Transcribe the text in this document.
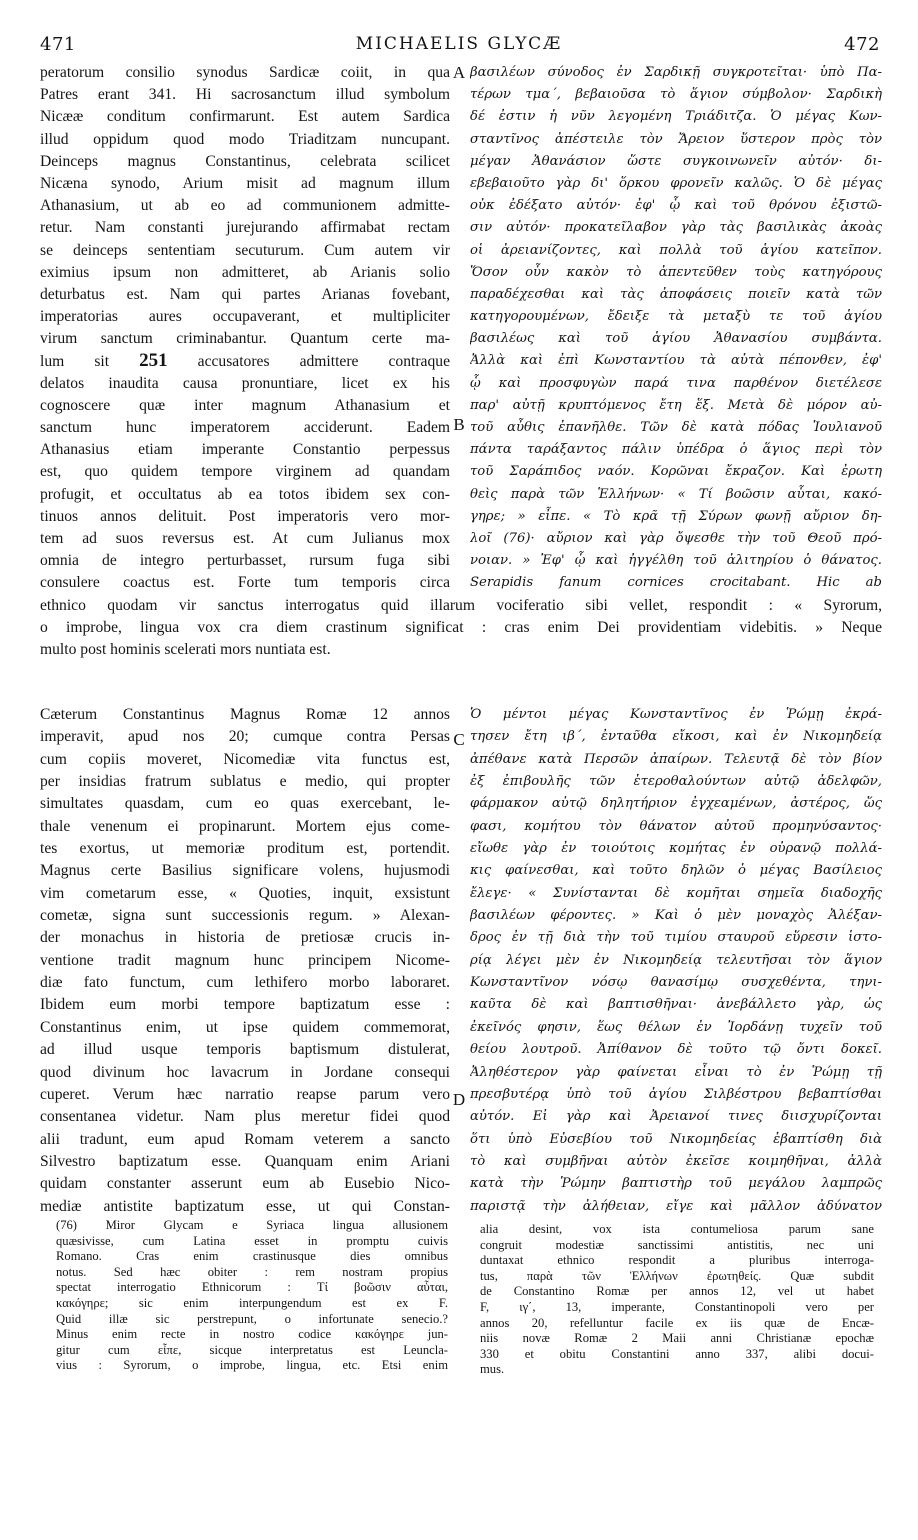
471	MICHAELIS GLYCÆ	472
peratorum consilio synodus Sardicæ coiit, in qua
Patres erant 341. Hi sacrosanctum illud symbolum
Nicææ conditum confirmarunt. Est autem Sardica
illud oppidum quod modo Triaditzam nuncupant.
Deinceps magnus Constantinus, celebrata scilicet
Nicæna synodo, Arium misit ad magnum illum
Athanasium, ut ab eo ad communionem admitte-
retur. Nam constanti jurejurando affirmabat rectam
se deinceps sententiam secuturum. Cum autem vir
eximius ipsum non admitteret, ab Arianis solio
deturbatus est. Nam qui partes Arianas fovebant,
imperatorias aures occupaverant, et multipliciter
virum sanctum criminabantur. Quantum certe ma-
lum sit 251 accusatores admittere contraque
delatos inaudita causa pronuntiare, licet ex his
cognoscere quæ inter magnum Athanasium et
sanctum hunc imperatorem acciderunt. Eadem
Athanasius etiam imperante Constantio perpessus
est, quo quidem tempore virginem ad quandam
profugit, et occultatus ab ea totos ibidem sex con-
tinuos annos delituit. Post imperatoris vero mor-
tem ad suos reversus est. At cum Julianus mox
omnia de integro perturbasset, rursum fuga sibi
consulere coactus est. Forte tum temporis circa
βασιλέων σύνοδος ἐν Σαρδικῇ συγκροτεῖται· ὑπὸ Πα-
τέρων τμα΄, βεβαιοῦσα τὸ ἅγιον σύμβολον· Σαρδικὴ
δέ ἐστιν ἡ νῦν λεγομένη Τριάδιτζα. Ὁ μέγας Κων-
σταντῖνος ἀπέστειλε τὸν Ἄρειον ὕστερον πρὸς τὸν
μέγαν Ἀθανάσιον ὥστε συγκοινωνεῖν αὐτόν· δι-
εβεβαιοῦτο γὰρ δι' ὅρκου φρονεῖν καλῶς. Ὁ δὲ μέγας
οὐκ ἐδέξατο αὐτόν· ἐφ' ᾧ καὶ τοῦ θρόνου ἐξιστῶ-
σιν αὐτόν· προκατεῖλαβον γὰρ τὰς βασιλικὰς ἀκοὰς
οἱ ἀρειανίζοντες, καὶ πολλὰ τοῦ ἁγίου κατεῖπον.
Ὅσον οὖν κακὸν τὸ ἀπεντεῦθεν τοὺς κατηγόρους
παραδέχεσθαι καὶ τὰς ἀποφάσεις ποιεῖν κατὰ τῶν
κατηγορουμένων, ἔδειξε τὰ μεταξὺ τε τοῦ ἁγίου
βασιλέως καὶ τοῦ ἁγίου Ἀθανασίου συμβάντα.
Ἀλλὰ καὶ ἐπὶ Κωνσταντίου τὰ αὐτὰ πέπονθεν, ἐφ'
ᾧ καὶ προσφυγὼν παρά τινα παρθένον διετέλεσε
παρ' αὐτῇ κρυπτόμενος ἔτη ἕξ. Μετὰ δὲ μόρον αὐ-
τοῦ αὖθις ἐπανῆλθε. Τῶν δὲ κατὰ πόδας Ἰουλιανοῦ
πάντα ταράξαντος πάλιν ὑπέδρα ὁ ἅγιος περὶ τὸν
τοῦ Σαράπιδος ναόν. Κορῶναι ἔκραζον. Καὶ ἐρωτη
θεὶς παρὰ τῶν Ἑλλήνων· « Τί βοῶσιν αὗται, κακό-
γηρε; » εἶπε. « Τὸ κρᾶ τῇ Σύρων φωνῇ αὔριον δη-
λοῖ (76)· αὔριον καὶ γὰρ ὄψεσθε τὴν τοῦ Θεοῦ πρό-
νοιαν. » Ἐφ' ᾧ καὶ ἠγγέλθη τοῦ ἀλιτηρίου ὁ θάνατος.
Serapidis fanum cornices crocitabant. Hic ab
ethnico quodam vir sanctus interrogatus quid illarum vociferatio sibi vellet, respondit : « Syrorum,
o improbe, lingua vox cra diem crastinum significat : cras enim Dei providentiam videbitis. » Neque
multo post hominis scelerati mors nuntiata est.
A
B
C
D
Cæterum Constantinus Magnus Romæ 12 annos
imperavit, apud nos 20; cumque contra Persas
cum copiis moveret, Nicomediæ vita functus est,
per insidias fratrum sublatus e medio, qui propter
simultates quasdam, cum eo quas exercebant, le-
thale venenum ei propinarunt. Mortem ejus come-
tes exortus, ut memoriæ proditum est, portendit.
Magnus certe Basilius significare volens, hujusmodi
vim cometarum esse, « Quoties, inquit, exsistunt
cometæ, signa sunt successionis regum. » Alexan-
der monachus in historia de pretiosæ crucis in-
ventione tradit magnum hunc principem Nicome-
diæ fato functum, cum lethifero morbo laboraret.
Ibidem eum morbi tempore baptizatum esse :
Constantinus enim, ut ipse quidem commemorat,
ad illud usque temporis baptismum distulerat,
quod divinum hoc lavacrum in Jordane consequi
cuperet. Verum hæc narratio reapse parum vero
consentanea videtur. Nam plus meretur fidei quod
alii tradunt, eum apud Romam veterem a sancto
Silvestro baptizatum esse. Quanquam enim Ariani
quidam constanter asserunt eum ab Eusebio Nico-
mediæ antistite baptizatum esse, ut qui Constan-
Ὁ μέντοι μέγας Κωνσταντῖνος ἐν Ῥώμῃ ἐκρά-
τησεν ἔτη ιβ΄, ἐνταῦθα εἴκοσι, καὶ ἐν Νικομηδείᾳ
ἀπέθανε κατὰ Περσῶν ἀπαίρων. Τελευτᾷ δὲ τὸν βίον
ἐξ ἐπιβουλῆς τῶν ἑτεροθαλούντων αὐτῷ ἀδελφῶν,
φάρμακον αὐτῷ δηλητήριον ἐγχεαμένων, ἀστέρος, ὥς
φασι, κομήτου τὸν θάνατον αὐτοῦ προμηνύσαντος·
εἴωθε γὰρ ἐν τοιούτοις κομήτας ἐν οὐρανῷ πολλά-
κις φαίνεσθαι, καὶ τοῦτο δηλῶν ὁ μέγας Βασίλειος
ἔλεγε· « Συνίστανται δὲ κομῆται σημεῖα διαδοχῆς
βασιλέων φέροντες. » Καὶ ὁ μὲν μοναχὸς Ἀλέξαν-
δρος ἐν τῇ διὰ τὴν τοῦ τιμίου σταυροῦ εὕρεσιν ἱστο-
ρίᾳ λέγει μὲν ἐν Νικομηδείᾳ τελευτῆσαι τὸν ἅγιον
Κωνσταντῖνον νόσῳ θανασίμῳ συσχεθέντα, τηνι-
καῦτα δὲ καὶ βαπτισθῆναι· ἀνεβάλλετο γὰρ, ὡς
ἐκεῖνός φησιν, ἕως θέλων ἐν Ἰορδάνῃ τυχεῖν τοῦ
θείου λουτροῦ. Ἀπίθανον δὲ τοῦτο τῷ ὄντι δοκεῖ.
Ἀληθέστερον γὰρ φαίνεται εἶναι τὸ ἐν Ῥώμῃ τῇ
πρεσβυτέρᾳ ὑπὸ τοῦ ἁγίου Σιλβέστρου βεβαπτίσθαι
αὐτόν. Εἰ γὰρ καὶ Ἀρειανοί τινες διισχυρίζονται
ὅτι ὑπὸ Εὐσεβίου τοῦ Νικομηδείας ἐβαπτίσθη διὰ
τὸ καὶ συμβῆναι αὐτὸν ἐκεῖσε κοιμηθῆναι, ἀλλὰ
κατὰ τὴν Ῥώμην βαπτιστὴρ τοῦ μεγάλου λαμπρῶς
παριστᾷ τὴν ἀλήθειαν, εἴγε καὶ μᾶλλον ἀδύνατον
(76) Miror Glycam e Syriaca lingua allusionem
quæsivisse, cum Latina esset in promptu cuivis
Romano. Cras enim crastinusque dies omnibus
notus. Sed hæc obiter : rem nostram propius
spectat interrogatio Ethnicorum : Τί βοῶσιν αὗται,
κακόγηρε; sic enim interpungendum est ex F.
Quid illæ sic perstrepunt, o infortunate senecio.?
Minus enim recte in nostro codice κακόγηρε jun-
gitur cum εἶπε, sicque interpretatus est Leuncla-
vius : Syrorum, o improbe, lingua, etc. Etsi enim
alia desint, vox ista contumeliosa parum sane
congruit modestiæ sanctissimi antistitis, nec uni
duntaxat ethnico respondit a pluribus interroga-
tus, παρὰ τῶν Ἑλλήνων ἐρωτηθείς. Quæ subdit
de Constantino Romæ per annos 12, vel ut habet
F, ιγ΄, 13, imperante, Constantinopoli vero per
annos 20, refelluntur facile ex iis quæ de Encæ-
niis novæ Romæ 2 Maii anni Christianæ epochæ
330 et obitu Constantini anno 337, alibi docui-
mus.
